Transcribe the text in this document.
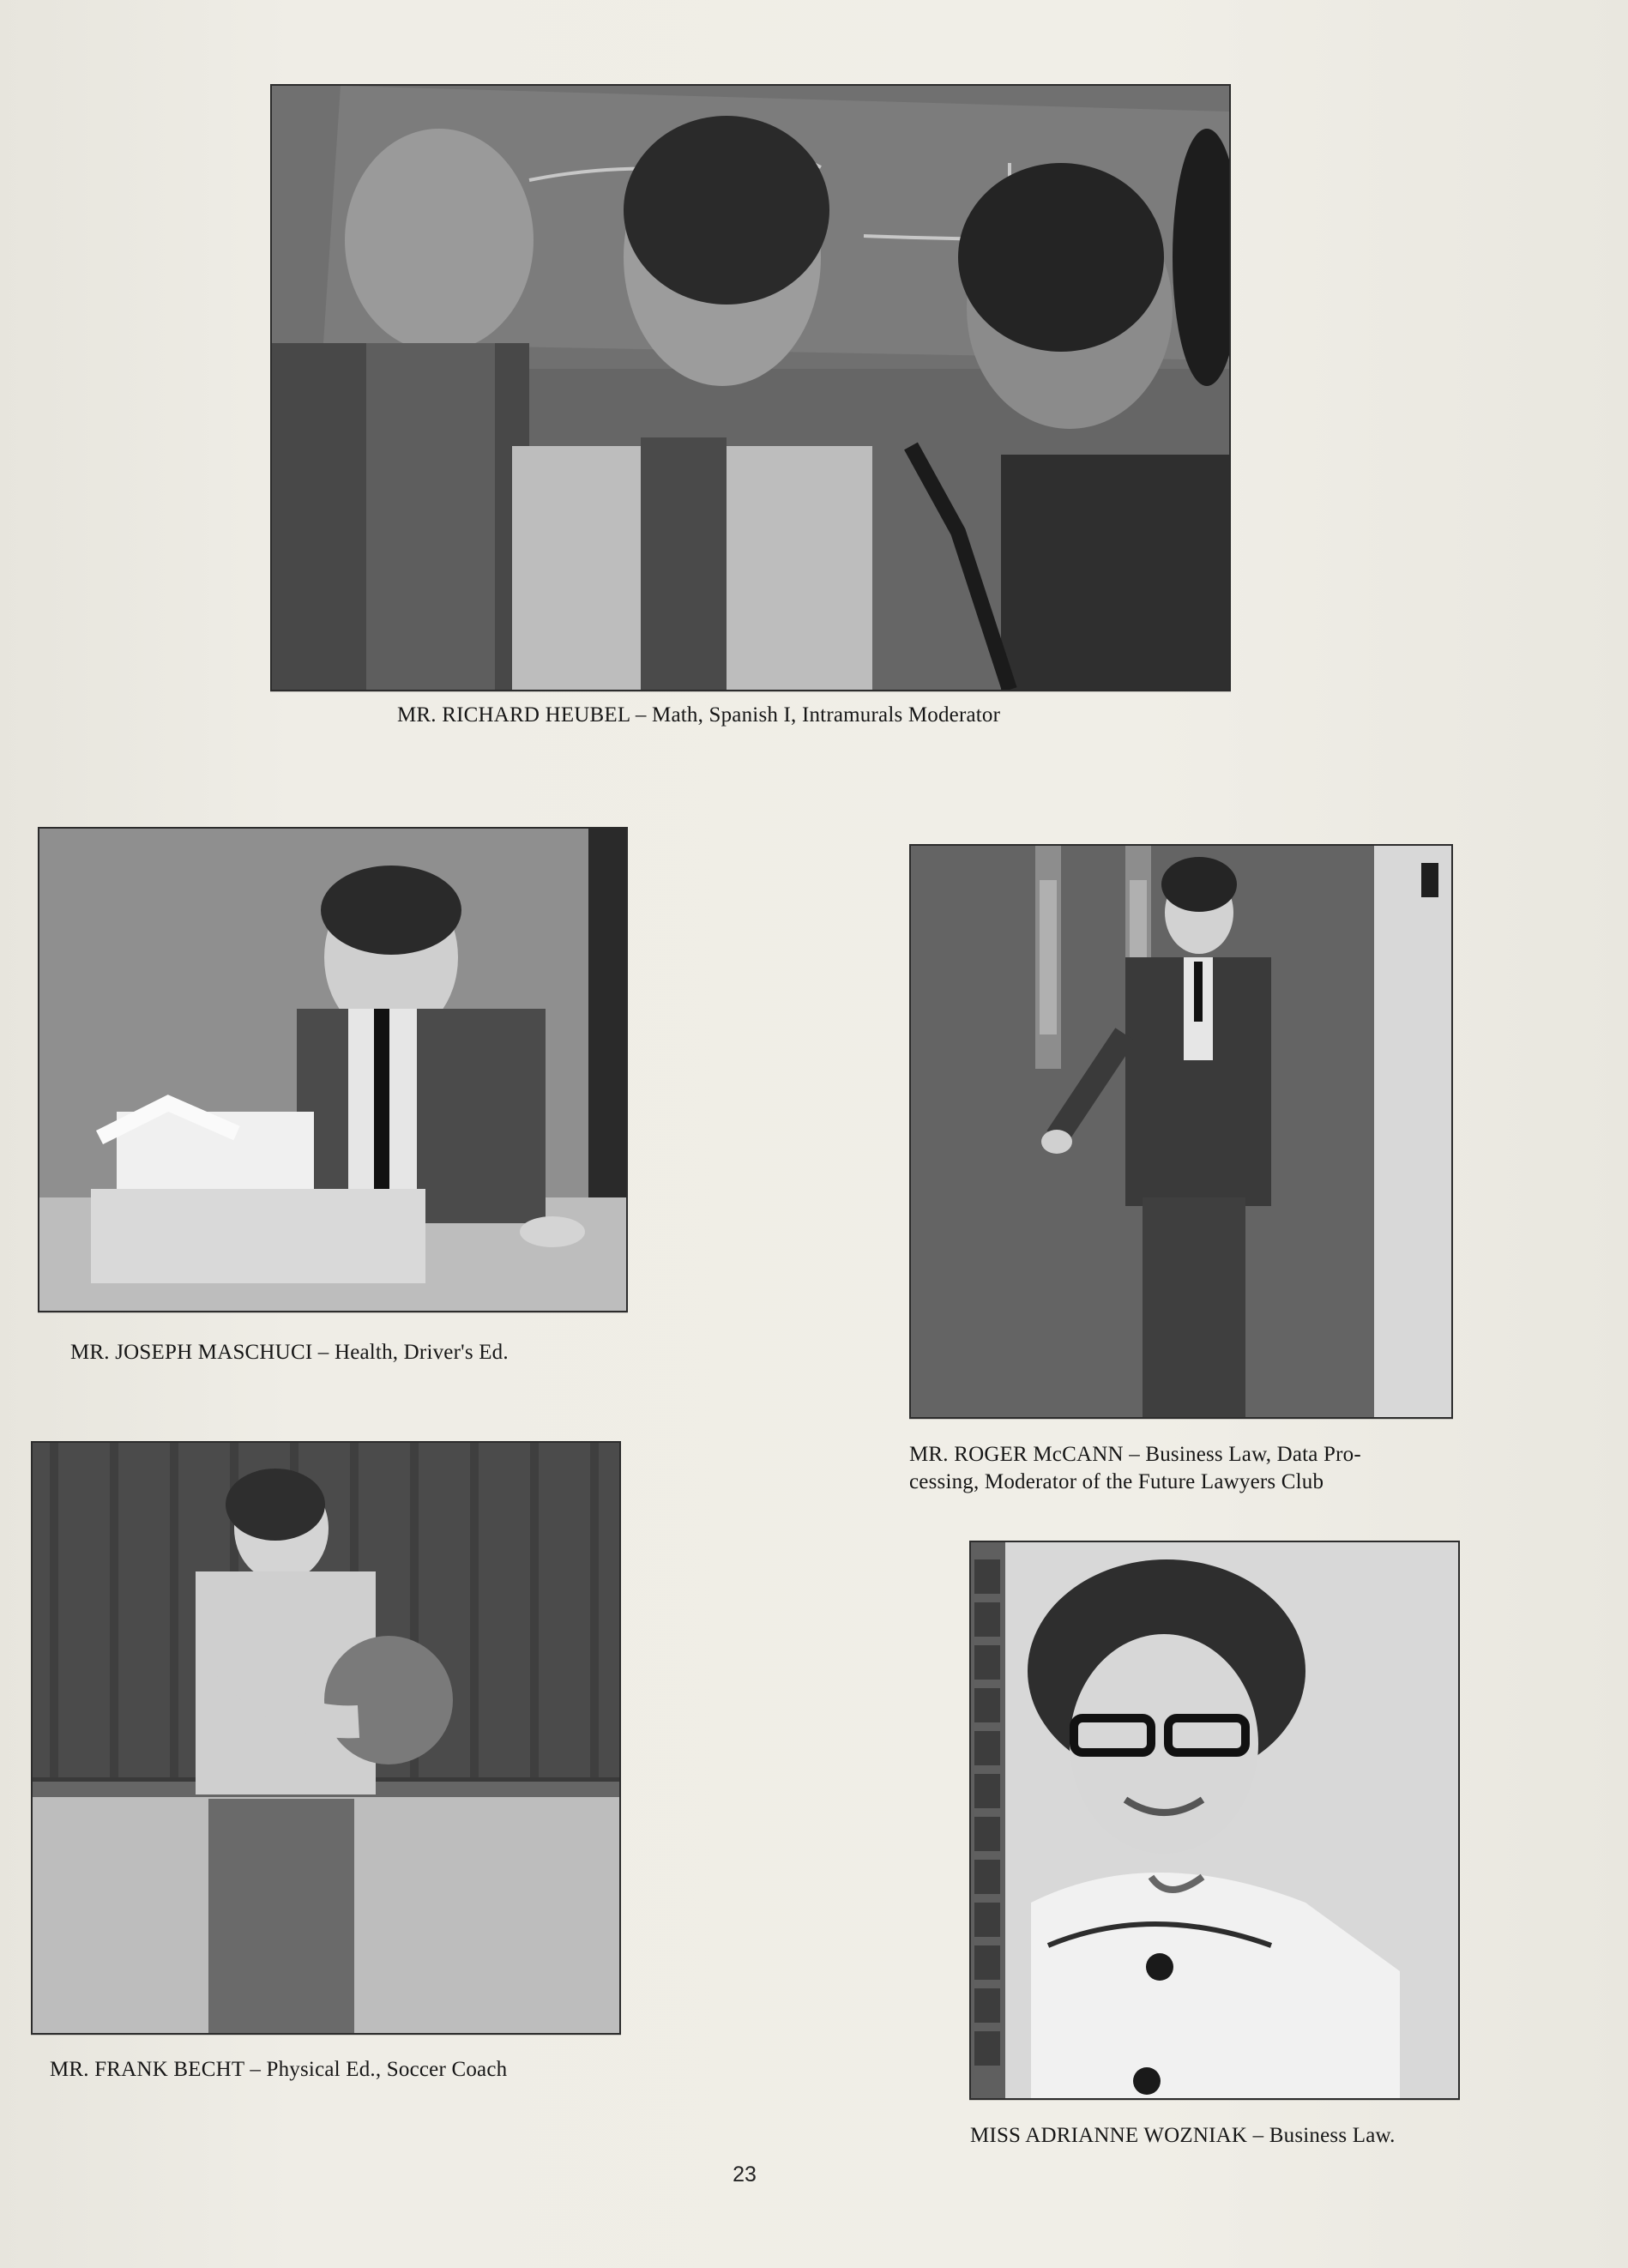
MR. RICHARD HEUBEL – Math, Spanish I, Intramurals Moderator
MR. JOSEPH MASCHUCI – Health, Driver's Ed.
MR. ROGER McCANN – Business Law, Data Pro-
cessing, Moderator of the Future Lawyers Club
MR. FRANK BECHT – Physical Ed., Soccer Coach
MISS ADRIANNE WOZNIAK – Business Law.
23
